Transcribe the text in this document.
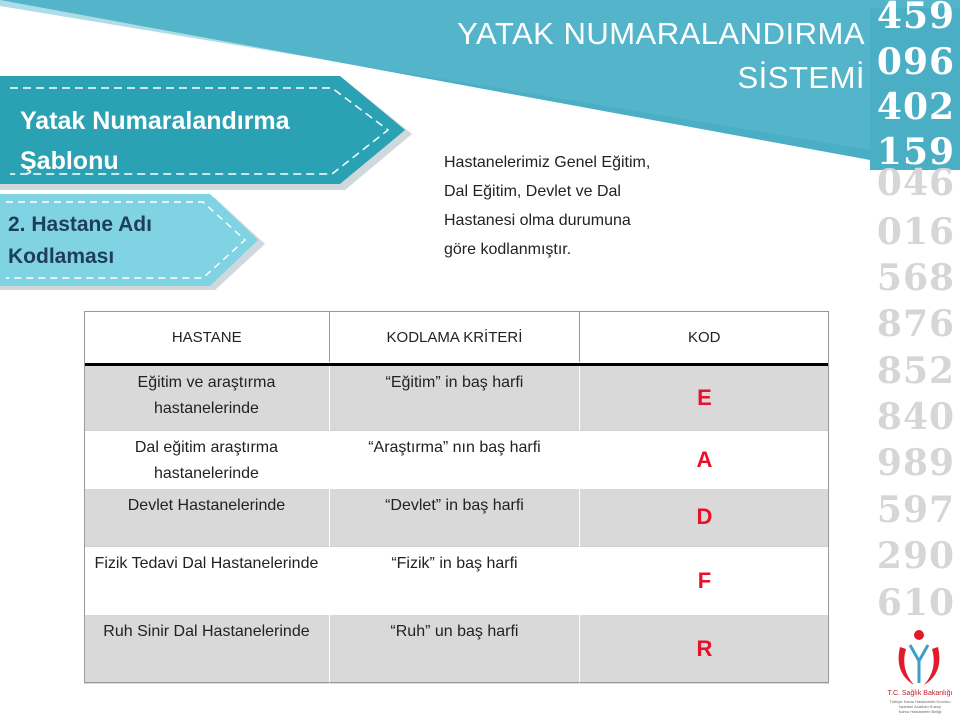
YATAK NUMARALANDIRMA
SİSTEMİ
459
096
402
159
046
016
568
876
852
840
989
597
290
610
Yatak Numaralandırma
Şablonu
2. Hastane Adı
Kodlaması
Hastanelerimiz Genel Eğitim,
Dal Eğitim, Devlet ve Dal
Hastanesi olma durumuna
göre kodlanmıştır.
HASTANE	KODLAMA KRİTERİ	KOD
Eğitim ve araştırma hastanelerinde	“Eğitim” in baş harfi	E
Dal eğitim araştırma hastanelerinde	“Araştırma” nın baş harfi	A
Devlet Hastanelerinde	“Devlet” in baş harfi	D
Fizik Tedavi Dal Hastanelerinde	“Fizik” in baş harfi	F
Ruh Sinir Dal Hastanelerinde	“Ruh” un baş harfi	R
T.C. Sağlık Bakanlığı
Türkiye Kamu Hastaneleri Kurumu
İstanbul Anadolu Kuzey
Kamu Hastaneleri Birliği
